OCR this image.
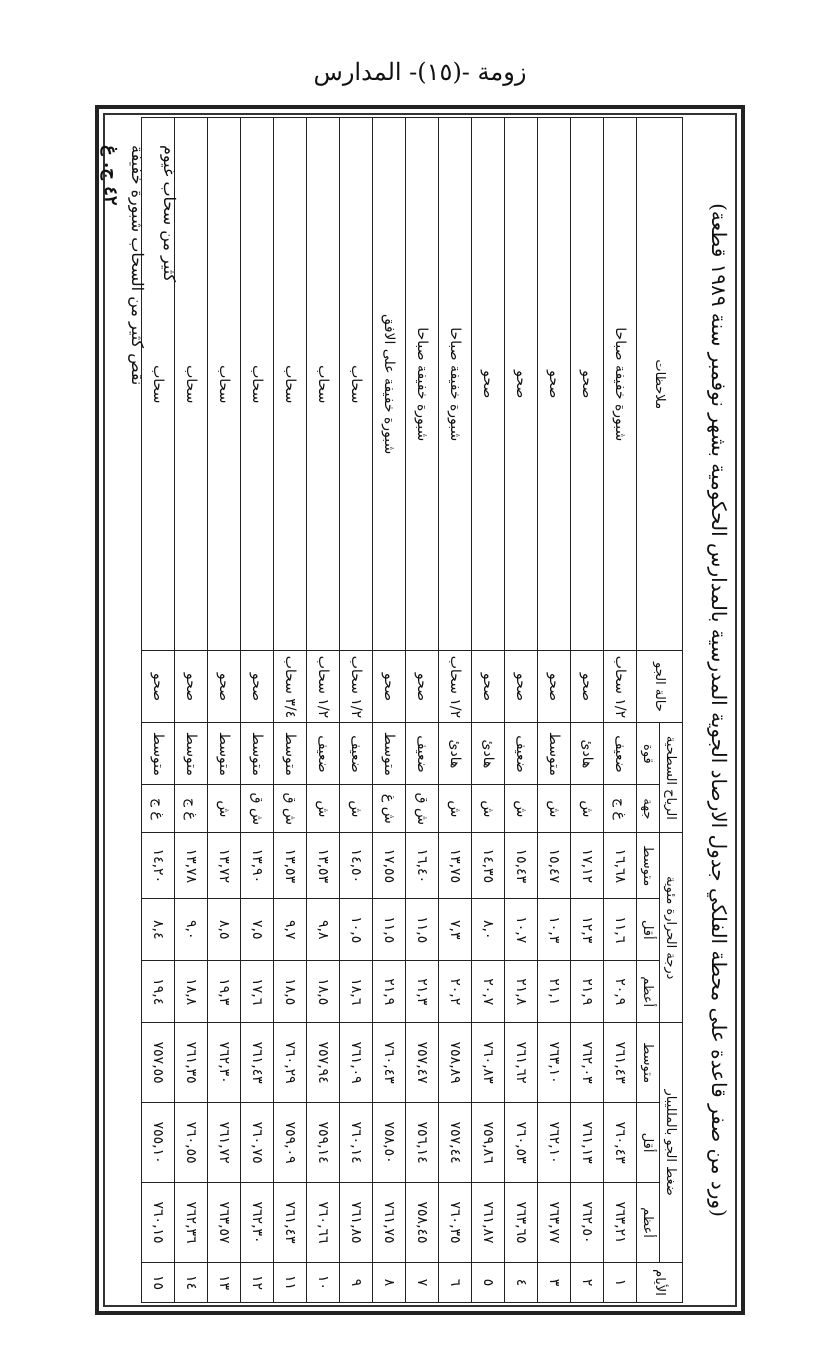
زومة -(١٥)- المدارس
(ورد من صفر قاعدة على محطة الفلكي جدول الارصاد الجوية المدرسية بالمدارس الحكومية بشهر نوفمبر سنة ١٩٨٩ قطعة)
الأيام	ضغط الجو بالملليبار			درجة الحرارة مئوية			الرياح السطحية		حالة الجو	ملاحظات
	أعظم	أقل	متوسط	أعظم	أقل	متوسط	جهة	قوة		
١	٧٦٣,٢١	٧٦٠,٤٣	٧٦١,٤٣	٢٠,٩	١١,٦	١٦,٦٨	غ ج	ضعيف	١/٢ سحاب	شبورة خفيفة صباحا
٢	٧٦٢,٥٠	٧٦١,١٣	٧٦٢,٠٣	٢١,٩	١٢,٣	١٧,١٢	ش	هادئ	صحو	صحو
٣	٧٦٣,٧٧	٧٦٢,١٠	٧٦٣,١٠	٢١,١	١٠,٣	١٥,٤٧	ش	متوسط	صحو	صحو
٤	٧٦٣,٦٥	٧٦٠,٥٣	٧٦١,٦٢	٢١,٨	١٠,٧	١٥,٤٣	ش	ضعيف	صحو	صحو
٥	٧٦١,٨٧	٧٥٩,٨٦	٧٦٠,٨٣	٢٠,٧	٨,٠	١٤,٣٥	ش	هادئ	صحو	صحو
٦	٧٦٠,٣٥	٧٥٧,٤٤	٧٥٨,٨٩	٢٠,٢	٧,٣	١٣,٧٥	ش	هادئ	١/٢ سحاب	شبورة خفيفة صباحا
٧	٧٥٨,٤٥	٧٥٦,١٤	٧٥٧,٤٧	٢١,٣	١١,٥	١٦,٤٠	ش ق	ضعيف	صحو	شبورة خفيفة صباحا
٨	٧٦١,٧٥	٧٥٨,٥٠	٧٦٠,٤٣	٢١,٩	١١,٥	١٧,٥٥	ش غ	متوسط	صحو	شبورة خفيفة على الافق
٩	٧٦١,٨٥	٧٦٠,١٤	٧٦١,٠٩	١٨,٦	١٠,٥	١٤,٥٠	ش	ضعيف	١/٢ سحاب	سحاب
١٠	٧٦٠,٦٦	٧٥٩,١٤	٧٥٧,٩٤	١٨,٥	٩,٨	١٣,٥٣	ش	ضعيف	١/٢ سحاب	سحاب
١١	٧٦١,٤٣	٧٥٩,٠٩	٧٦٠,٢٩	١٨,٥	٩,٧	١٣,٥٣	ش ق	متوسط	٣/٤ سحاب	سحاب
١٢	٧٦٢,٣٠	٧٦٠,٧٥	٧٦١,٤٣	١٧,٦	٧,٥	١٣,٩٠	ش ق	متوسط	صحو	سحاب
١٣	٧٦٣,٥٧	٧٦١,٧٢	٧٦٢,٣٠	١٩,٣	٨,٥	١٣,٧٢	ش	متوسط	صحو	سحاب
١٤	٧٦٢,٣٦	٧٦٠,٥٥	٧٦١,٣٥	١٨,٨	٩,٠	١٣,٧٨	غ ج	متوسط	صحو	سحاب
١٥	٧٦٠,١٥	٧٥٥,١٠	٧٥٧,٥٥	١٩,٤	٨,٤	١٤,٢٠	غ ج	متوسط	صحو	سحاب
كثير من سحاب غيوم
نقص كثير من السحاب شبورة خفيفة
٤٢ ج. غ
